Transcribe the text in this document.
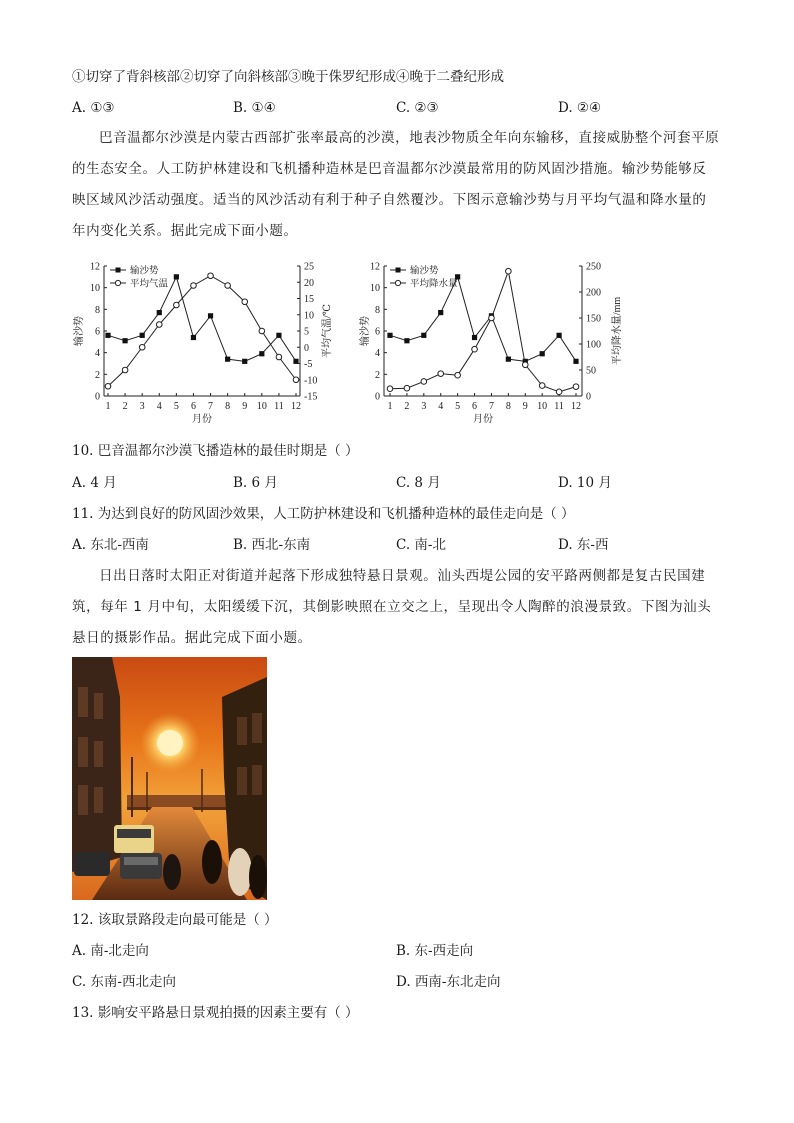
①切穿了背斜核部②切穿了向斜核部③晚于侏罗纪形成④晚于二叠纪形成
A. ①③	B. ①④	C. ②③	D. ②④
巴音温都尔沙漠是内蒙古西部扩张率最高的沙漠，地表沙物质全年向东输移，直接威胁整个河套平原的生态安全。人工防护林建设和飞机播种造林是巴音温都尔沙漠最常用的防风固沙措施。输沙势能够反映区域风沙活动强度。适当的风沙活动有利于种子自然覆沙。下图示意输沙势与月平均气温和降水量的年内变化关系。据此完成下面小题。
0
2
4
6
8
10
12
-15
-10
-5
0
5
10
15
20
25
1 2 3 4 5 6 7 8 9 10 11 12
月份
输沙势	平均气温/℃
输沙势
平均气温
0
2
4
6
8
10
12
0
50
100
150
200
250
1 2 3 4 5 6 7 8 9 10 11 12
月份
输沙势	平均降水量/mm
输沙势
平均降水量
10. 巴音温都尔沙漠飞播造林的最佳时期是（ ）
A. 4 月	B. 6 月	C. 8 月	D. 10 月
11. 为达到良好的防风固沙效果，人工防护林建设和飞机播种造林的最佳走向是（ ）
A. 东北-西南	B. 西北-东南	C. 南-北	D. 东-西
日出日落时太阳正对街道并起落下形成独特悬日景观。汕头西堤公园的安平路两侧都是复古民国建筑，每年 1 月中旬，太阳缓缓下沉，其倒影映照在立交之上，呈现出令人陶醉的浪漫景致。下图为汕头悬日的摄影作品。据此完成下面小题。
12. 该取景路段走向最可能是（ ）
A. 南-北走向	B. 东-西走向
C. 东南-西北走向	D. 西南-东北走向
13. 影响安平路悬日景观拍摄的因素主要有（ ）
